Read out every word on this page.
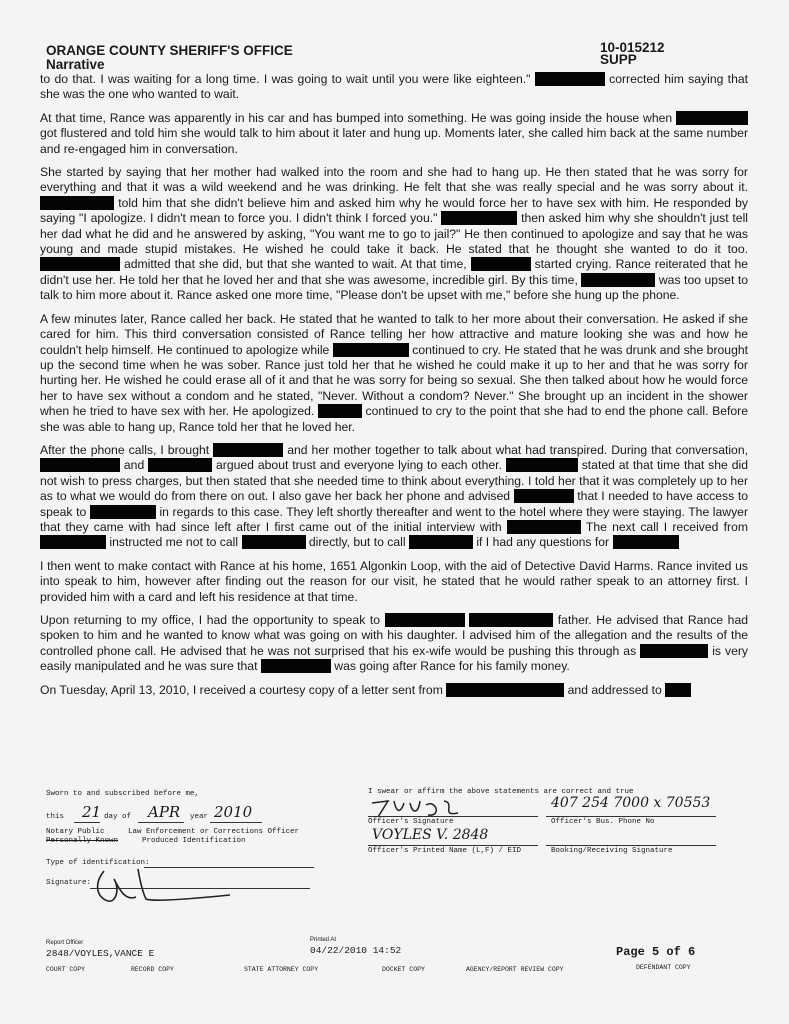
ORANGE COUNTY SHERIFF'S OFFICE
Narrative
10-015212
SUPP

to do that. I was waiting for a long time. I was going to wait until you were like eighteen."	corrected him saying that she was the one who wanted to wait.

At that time, Rance was apparently in his car and has bumped into something. He was going inside the house when  got flustered and told him she would talk to him about it later and hung up. Moments later, she called him back at the same number and re-engaged him in conversation.

She started by saying that her mother had walked into the room and she had to hang up. He then stated that he was sorry for everything and that it was a wild weekend and he was drinking. He felt that she was really special and he was sorry about it.  told him that she didn't believe him and asked him why he would force her to have sex with him. He responded by saying "I apologize. I didn't mean to force you. I didn't think I forced you."	then asked him why she shouldn't just tell her dad what he did and he answered by asking, "You want me to go to jail?" He then continued to apologize and say that he was young and made stupid mistakes. He wished he could take it back. He stated that he thought she wanted to do it too.  admitted that she did, but that she wanted to wait. At that time,	started crying. Rance reiterated that he didn't use her. He told her that he loved her and that she was awesome, incredible girl. By this time,	was too upset to talk to him more about it. Rance asked one more time, "Please don't be upset with me," before she hung up the phone.

A few minutes later, Rance called her back. He stated that he wanted to talk to her more about their conversation. He asked if she cared for him. This third conversation consisted of Rance telling her how attractive and mature looking she was and how he couldn't help himself. He continued to apologize while	continued to cry. He stated that he was drunk and she brought up the second time when he was sober. Rance just told her that he wished he could make it up to her and that he was sorry for hurting her. He wished he could erase all of it and that he was sorry for being so sexual. She then talked about how he would force her to have sex without a condom and he stated, "Never. Without a condom? Never." She brought up an incident in the shower when he tried to have sex with her. He apologized.	continued to cry to the point that she had to end the phone call. Before she was able to hang up, Rance told her that he loved her.

After the phone calls, I brought	and her mother together to talk about what had transpired. During that conversation,  and	argued about trust and everyone lying to each other.	stated at that time that she did not wish to press charges, but then stated that she needed time to think about everything. I told her that it was completely up to her as to what we would do from there on out. I also gave her back her phone and advised	that I needed to have access to speak to	in regards to this case. They left shortly thereafter and went to the hotel where they were staying. The lawyer that they came with had since left after I first came out of the initial interview with	The next call I received from  instructed me not to call	directly, but to call	if I had any questions for

I then went to make contact with Rance at his home, 1651 Algonkin Loop, with the aid of Detective David Harms. Rance invited us into speak to him, however after finding out the reason for our visit, he stated that he would rather speak to an attorney first. I provided him with a card and left his residence at that time.

Upon returning to my office, I had the opportunity to speak to	father. He advised that Rance had spoken to him and he wanted to know what was going on with his daughter. I advised him of the allegation and the results of the controlled phone call. He advised that he was not surprised that his ex-wife would be pushing this through as	is very easily manipulated and he was sure that	was going after Rance for his family money.

On Tuesday, April 13, 2010, I received a courtesy copy of a letter sent from	and addressed to

Sworn to and subscribed before me,
this 21 day of APR year 2010
Notary Public	Law Enforcement or Corrections Officer
Personally Known	Produced Identification
Type of identification:
Signature:
I swear or affirm the above statements are correct and true
Officer's Signature
407 254 7000 x 70553
Officer's Bus. Phone No
VOYLES V. 2848
Officer's Printed Name (L,F) / EID	Booking/Receiving Signature
Report Officer
2848/VOYLES,VANCE E
Printed At
04/22/2010 14:52	Page 5 of 6
COURT COPY	RECORD COPY	STATE ATTORNEY COPY	DOCKET COPY	AGENCY/REPORT REVIEW COPY	DEFENDANT COPY
